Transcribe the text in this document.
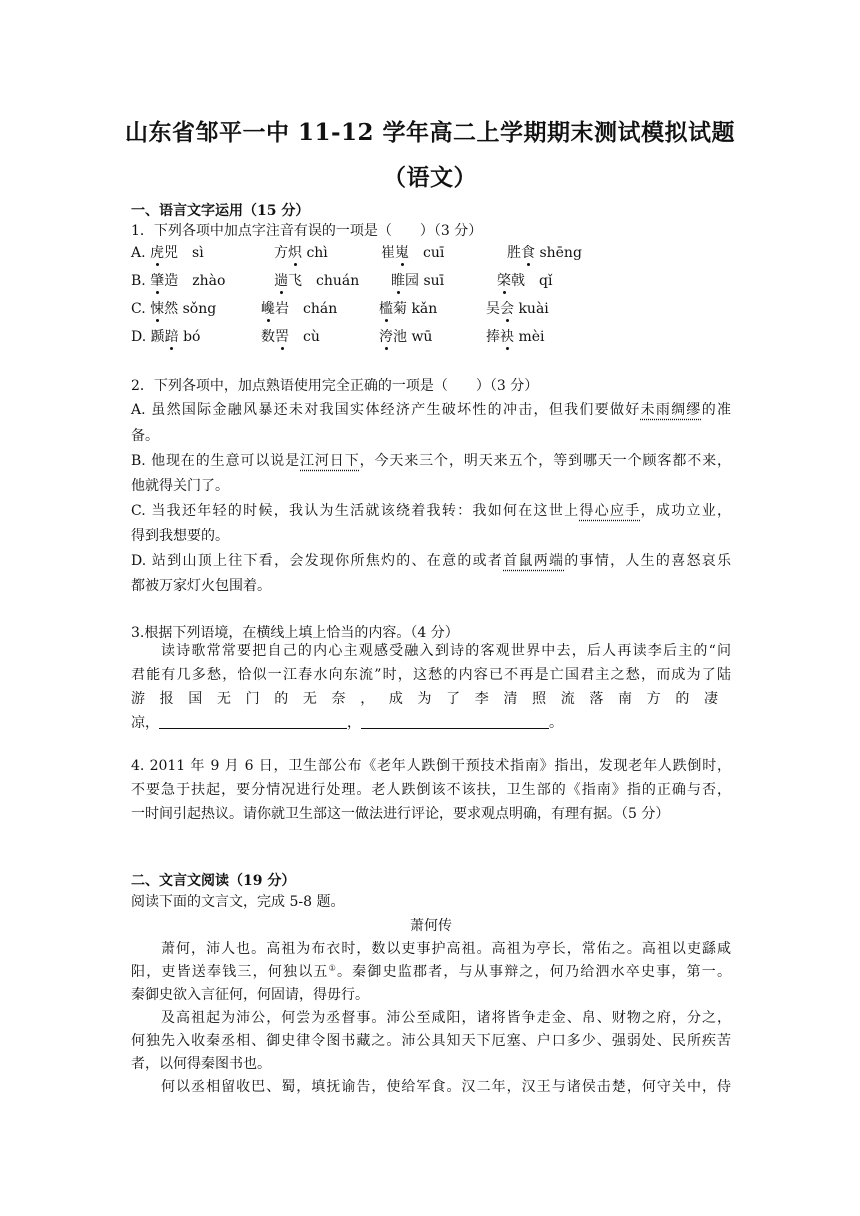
山东省邹平一中 11-12 学年高二上学期期末测试模拟试题
（语文）
一、语言文字运用（15 分）
1．下列各项中加点字注音有误的一项是（　　）（3 分）
A. 虎兕　sì	方炽 chì	崔嵬　cuī	胜食 shēng
B. 肇造　zhào	遄飞　chuán 睢园 suī	棨戟　qǐ
C. 悚然 sǒng	巉岩　chán	槛菊 kǎn	吴会 kuài
D. 踬踣 bó	数罟　cù	洿池 wū	捧袂 mèi
2．下列各项中，加点熟语使用完全正确的一项是（　　）（3 分）
A. 虽然国际金融风暴还未对我国实体经济产生破坏性的冲击，但我们要做好未雨绸缪的准
备。
B. 他现在的生意可以说是江河日下，今天来三个，明天来五个，等到哪天一个顾客都不来，
他就得关门了。
C. 当我还年轻的时候，我认为生活就该绕着我转：我如何在这世上得心应手，成功立业，
得到我想要的。
D. 站到山顶上往下看，会发现你所焦灼的、在意的或者首鼠两端的事情，人生的喜怒哀乐
都被万家灯火包围着。
3.根据下列语境，在横线上填上恰当的内容。（4 分）
读诗歌常常要把自己的内心主观感受融入到诗的客观世界中去，后人再读李后主的“问
君能有几多愁，恰似一江春水向东流”时，这愁的内容已不再是亡国君主之愁，而成为了陆
游报国无门的无奈，成为了李清照流落南方的凄
凉，	，	。
4. 2011 年 9 月 6 日，卫生部公布《老年人跌倒干预技术指南》指出，发现老年人跌倒时，
不要急于扶起，要分情况进行处理。老人跌倒该不该扶，卫生部的《指南》指的正确与否，
一时间引起热议。请你就卫生部这一做法进行评论，要求观点明确，有理有据。（5 分）
二、文言文阅读（19 分）
阅读下面的文言文，完成 5-8 题。
萧何传
萧何，沛人也。高祖为布衣时，数以吏事护高祖。高祖为亭长，常佑之。高祖以吏繇咸
阳，吏皆送奉钱三，何独以五①。秦御史监郡者，与从事辩之，何乃给泗水卒史事，第一。
秦御史欲入言征何，何固请，得毋行。
及高祖起为沛公，何尝为丞督事。沛公至咸阳，诸将皆争走金、帛、财物之府，分之，
何独先入收秦丞相、御史律令图书藏之。沛公具知天下厄塞、户口多少、强弱处、民所疾苦
者，以何得秦图书也。
何以丞相留收巴、蜀，填抚谕告，使给军食。汉二年，汉王与诸侯击楚，何守关中，侍
